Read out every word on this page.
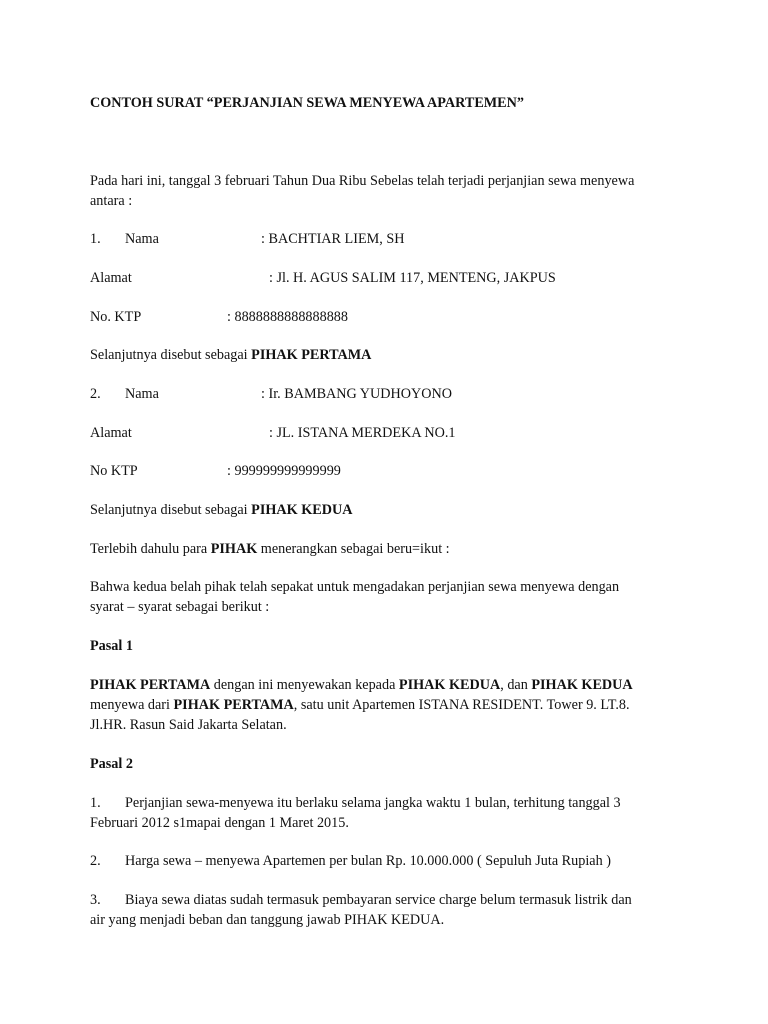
CONTOH SURAT “PERJANJIAN SEWA MENYEWA APARTEMEN”
Pada hari ini, tanggal 3 februari Tahun Dua Ribu Sebelas telah terjadi perjanjian sewa menyewa
antara :
1. Nama	: BACHTIAR LIEM, SH
Alamat	: Jl. H. AGUS SALIM 117, MENTENG, JAKPUS
No. KTP	: 8888888888888888
Selanjutnya disebut sebagai PIHAK PERTAMA
2. Nama	: Ir. BAMBANG YUDHOYONO
Alamat	: JL. ISTANA MERDEKA NO.1
No KTP	: 999999999999999
Selanjutnya disebut sebagai PIHAK KEDUA
Terlebih dahulu para PIHAK menerangkan sebagai beru=ikut :
Bahwa kedua belah pihak telah sepakat untuk mengadakan perjanjian sewa menyewa dengan
syarat – syarat sebagai berikut :
Pasal 1
PIHAK PERTAMA dengan ini menyewakan kepada PIHAK KEDUA, dan PIHAK KEDUA
menyewa dari PIHAK PERTAMA, satu unit Apartemen ISTANA RESIDENT. Tower 9. LT.8.
Jl.HR. Rasun Said Jakarta Selatan.
Pasal 2
1. Perjanjian sewa-menyewa itu berlaku selama jangka waktu 1 bulan, terhitung tanggal 3
Februari 2012 s1mapai dengan 1 Maret 2015.
2. Harga sewa – menyewa Apartemen per bulan Rp. 10.000.000 ( Sepuluh Juta Rupiah )
3. Biaya sewa diatas sudah termasuk pembayaran service charge belum termasuk listrik dan
air yang menjadi beban dan tanggung jawab PIHAK KEDUA.
